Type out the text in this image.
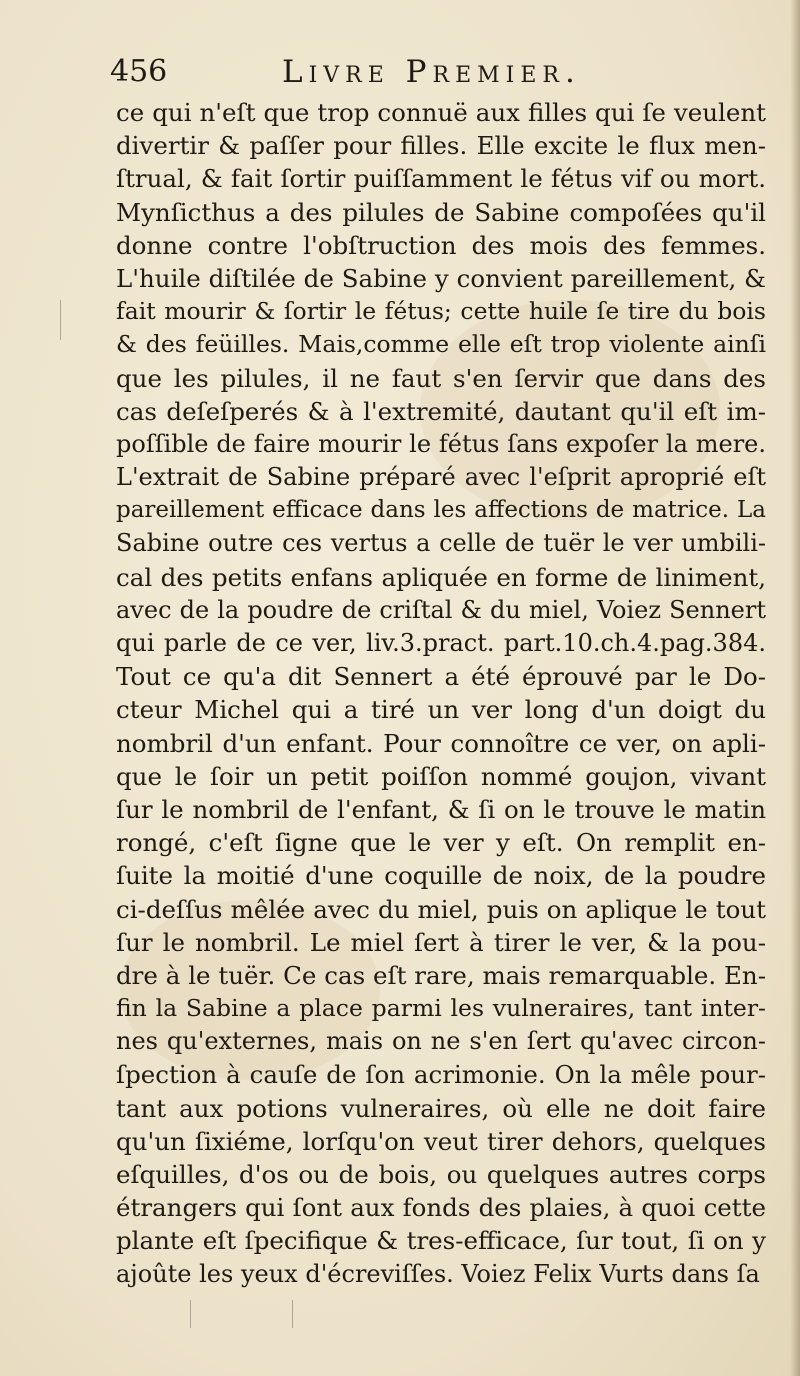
456	Livre Premier.
ce qui n'eſt que trop connuë aux filles qui ſe veulent
divertir & paſſer pour filles. Elle excite le flux men-
ſtrual, & fait ſortir puiſſamment le fétus vif ou mort.
Mynſicthus a des pilules de Sabine compoſées qu'il
donne contre l'obſtruction des mois des femmes.
L'huile diſtilée de Sabine y convient pareillement, &
fait mourir & ſortir le fétus; cette huile ſe tire du bois
& des feüilles. Mais,comme elle eſt trop violente ainſi
que les pilules, il ne faut s'en ſervir que dans des
cas deſeſperés & à l'extremité, dautant qu'il eſt im-
poſſible de faire mourir le fétus ſans expoſer la mere.
L'extrait de Sabine préparé avec l'eſprit aproprié eſt
pareillement efficace dans les affections de matrice. La
Sabine outre ces vertus a celle de tuër le ver umbili-
cal des petits enfans apliquée en forme de liniment,
avec de la poudre de criſtal & du miel, Voiez Sennert
qui parle de ce ver, liv.3.pract. part.10.ch.4.pag.384.
Tout ce qu'a dit Sennert a été éprouvé par le Do-
cteur Michel qui a tiré un ver long d'un doigt du
nombril d'un enfant. Pour connoître ce ver, on apli-
que le ſoir un petit poiſſon nommé goujon, vivant
ſur le nombril de l'enfant, & ſi on le trouve le matin
rongé, c'eſt ſigne que le ver y eſt. On remplit en-
ſuite la moitié d'une coquille de noix, de la poudre
ci-deſſus mêlée avec du miel, puis on aplique le tout
ſur le nombril. Le miel ſert à tirer le ver, & la pou-
dre à le tuër. Ce cas eſt rare, mais remarquable. En-
fin la Sabine a place parmi les vulneraires, tant inter-
nes qu'externes, mais on ne s'en ſert qu'avec circon-
ſpection à cauſe de ſon acrimonie. On la mêle pour-
tant aux potions vulneraires, où elle ne doit faire
qu'un ſixiéme, lorſqu'on veut tirer dehors, quelques
eſquilles, d'os ou de bois, ou quelques autres corps
étrangers qui ſont aux fonds des plaies, à quoi cette
plante eſt ſpecifique & tres-efficace, ſur tout, ſi on y
ajoûte les yeux d'écreviſſes. Voiez Felix Vurts dans ſa
